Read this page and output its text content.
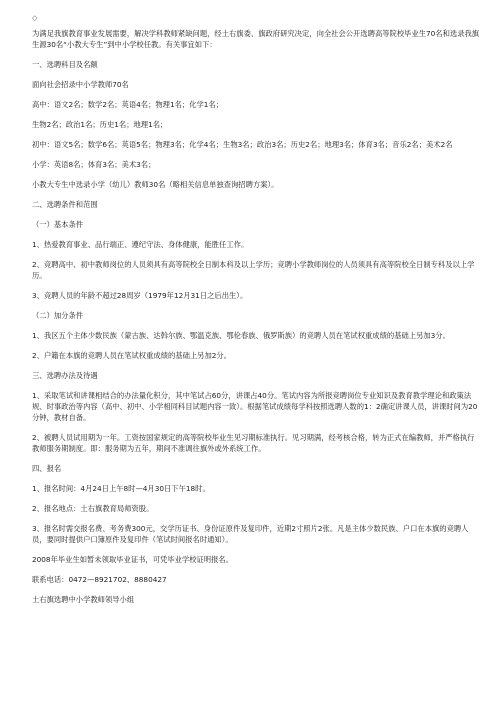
◇

为满足我旗教育事业发展需要，解决学科教师紧缺问题，经土右旗委、旗政府研究决定，向全社会公开选聘高等院校毕业生70名和选录我旗生源30名“小教大专生”到中小学校任教。有关事宜如下：

一、选聘科目及名额

面向社会招录中小学教师70名

高中：语文2名；数学2名；英语4名；物理1名；化学1名；

生物2名；政治1名；历史1名；地理1名；

初中：语文5名；数学6名；英语5名；物理3名；化学4名；生物3名；政治3名；历史2名；地理3名；体育3名；音乐2名；美术2名

小学：英语8名；体育3名；美术3名；

小教大专生中选录小学（幼儿）教师30名（略相关信息单独查询招聘方案）。

二、选聘条件和范围

（一）基本条件

1、热爱教育事业、品行端正、遵纪守法、身体健康，能胜任工作。

2、竞聘高中、初中教师岗位的人员须具有高等院校全日制本科及以上学历；竞聘小学教师岗位的人员须具有高等院校全日制专科及以上学历。

3、竞聘人员的年龄不超过28周岁（1979年12月31日之后出生）。

（二）加分条件

1、我区五个主体少数民族（蒙古族、达斡尔族、鄂温克族、鄂伦春族、俄罗斯族）的竞聘人员在笔试权重成绩的基础上另加3分。

2、户籍在本旗的竞聘人员在笔试权重成绩的基础上另加2分。

三、选聘办法及待遇

1、采取笔试和讲课相结合的办法量化积分，其中笔试占60分，讲课占40分。笔试内容为所报竞聘岗位专业知识及教育教学理论和政策法规、时事政治等内容（高中、初中、小学相同科目试题内容一致）。根据笔试成绩每学科按照选聘人数的1：2确定讲课人员，讲课时间为20分钟，教材自备。

2、被聘人员试用期为一年。工资按国家规定的高等院校毕业生见习期标准执行。见习期满，经考核合格，转为正式在编教师，并严格执行教师服务期制度。即：服务期为五年，期间不准调往旗外或外系统工作。

四、报名

1、报名时间：4月24日上午8时—4月30日下午18时。

2、报名地点：土右旗教育局师资股。

3、报名时需交报名费、考务费300元，交学历证书、身份证原件及复印件，近期2寸照片2张。凡是主体少数民族、户口在本旗的竞聘人员，要同时提供户口簿原件及复印件（笔试时间报名时通知）。

2008年毕业生如暂未领取毕业证书，可凭毕业学校证明报名。

联系电话：0472—8921702、8880427

土右旗选聘中小学教师领导小组
